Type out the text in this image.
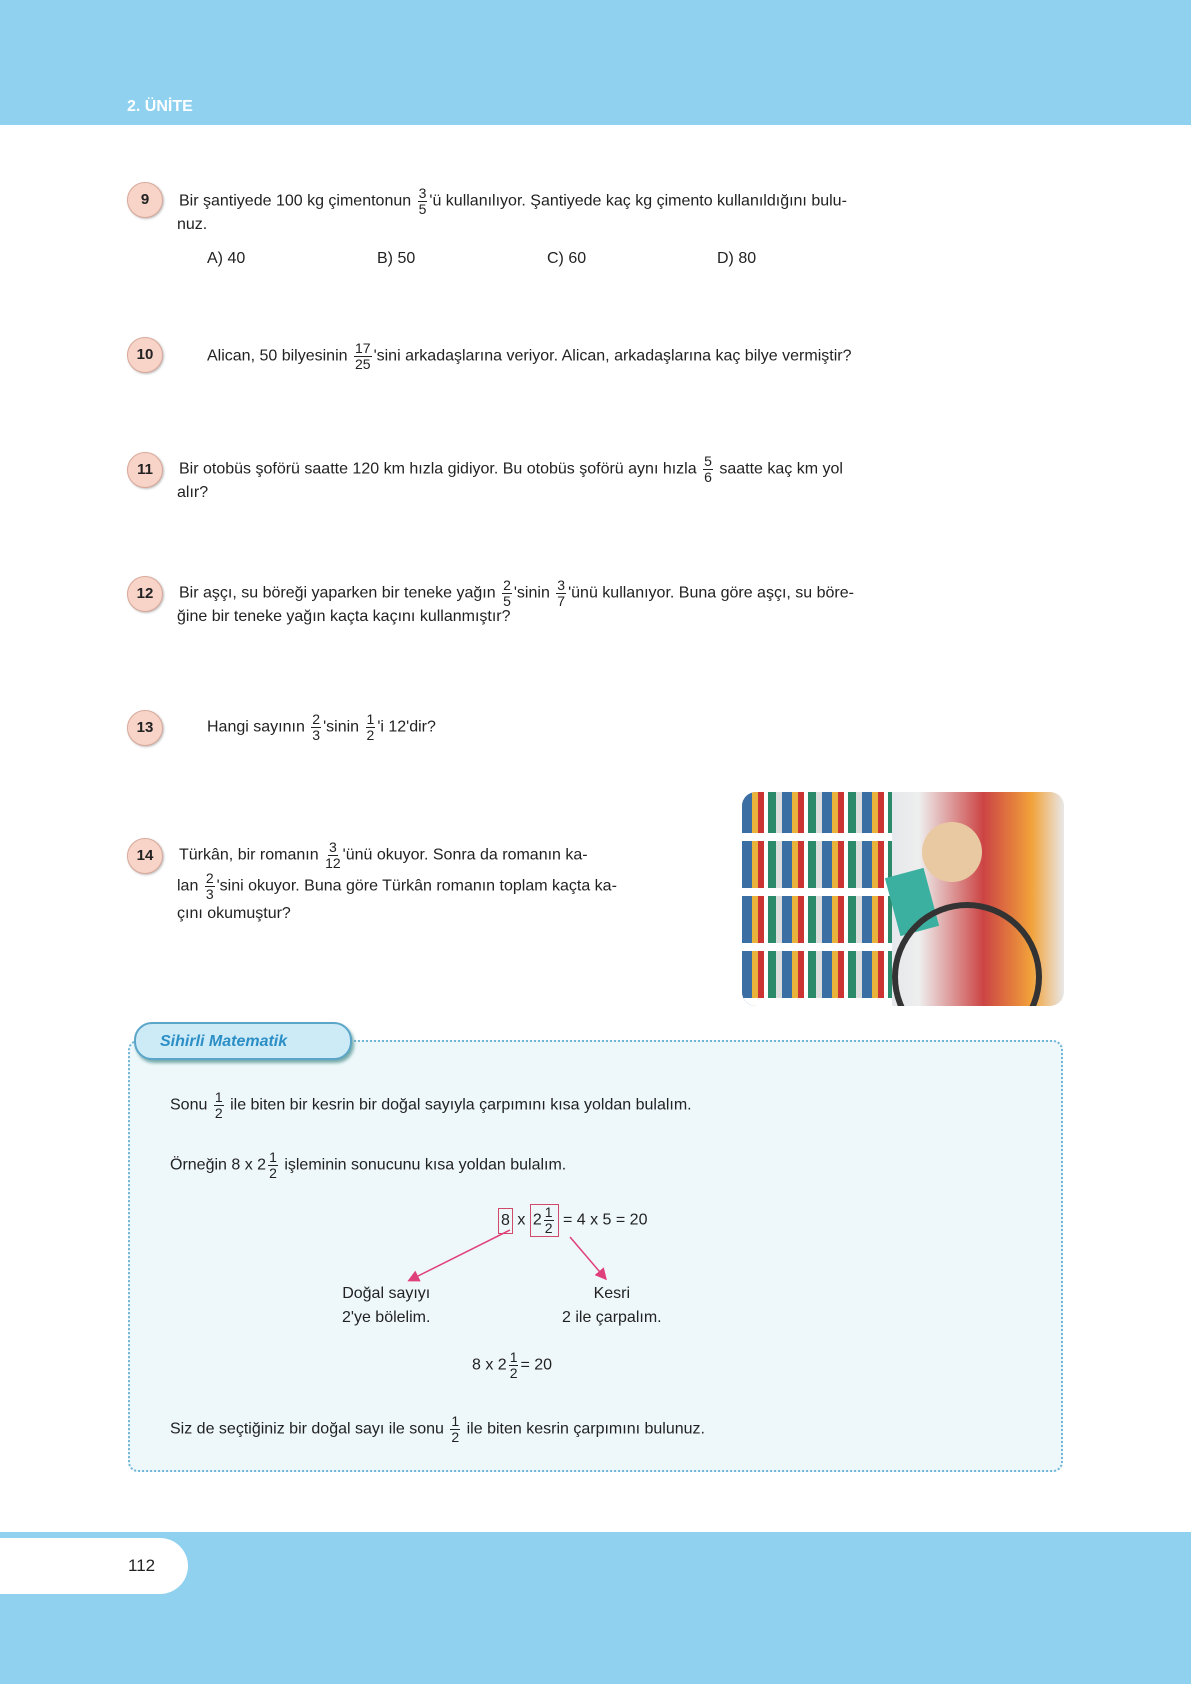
2. ÜNİTE
9	Bir şantiyede 100 kg çimentonun $\frac{3}{5}$ 'ü kullanılıyor. Şantiyede kaç kg çimento kullanıldığını bulu-
nuz.
A) 40	B) 50	C) 60	D) 80
10	Alican, 50 bilyesinin $\frac{17}{25}$ 'sini arkadaşlarına veriyor. Alican, arkadaşlarına kaç bilye vermiştir?
11	Bir otobüs şoförü saatte 120 km hızla gidiyor. Bu otobüs şoförü aynı hızla $\frac{5}{6}$ saatte kaç km yol
alır?
12	Bir aşçı, su böreği yaparken bir teneke yağın $\frac{2}{5}$ 'sinin $\frac{3}{7}$ 'ünü kullanıyor. Buna göre aşçı, su böre-
ğine bir teneke yağın kaçta kaçını kullanmıştır?
13	Hangi sayının $\frac{2}{3}$ 'sinin $\frac{1}{2}$ 'i 12'dir?
14	Türkân, bir romanın $\frac{3}{12}$ 'ünü okuyor. Sonra da romanın ka-
lan $\frac{2}{3}$ 'sini okuyor. Buna göre Türkân romanın toplam kaçta ka-
çını okumuştur?
Sonu $\frac{1}{2}$ ile biten bir kesrin bir doğal sayıyla çarpımını kısa yoldan bulalım.
Örneğin 8 x $2 \frac{1}{2}$ işleminin sonucunu kısa yoldan bulalım.
8 x $2 \frac{1}{2} = 4$ x 5 = 20
Doğal sayıyı
2'ye bölelim.
Kesri
2 ile çarpalım.
8 x $2 \frac{1}{2} = 20$
Siz de seçtiğiniz bir doğal sayı ile sonu $\frac{1}{2}$ ile biten kesrin çarpımını bulunuz.
Sihirli Matematik
112
